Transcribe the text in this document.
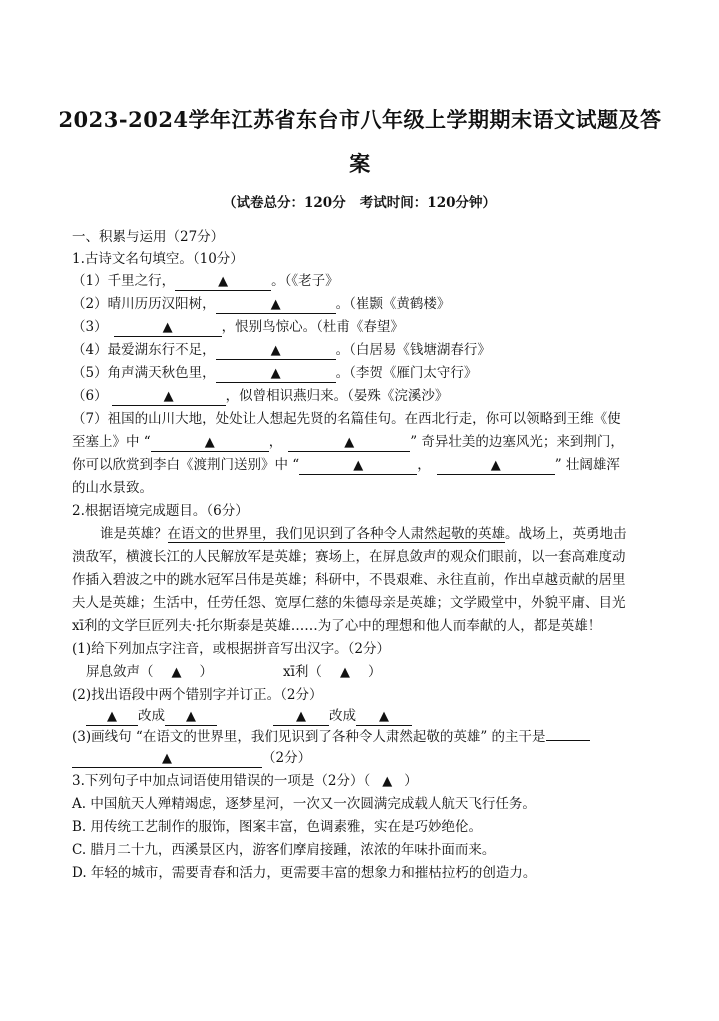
2023-2024学年江苏省东台市八年级上学期期末语文试题及答
案
（试卷总分：120分   考试时间：120分钟）
一、积累与运用（27分）
1.古诗文名句填空。（10分）
（1）千里之行，	▲	。（《老子》
（2）晴川历历汉阳树，	▲	。（崔颢《黄鹤楼》
（3）	▲	，恨别鸟惊心。（杜甫《春望》
（4）最爱湖东行不足，	▲	。（白居易《钱塘湖春行》
（5）角声满天秋色里，	▲	。（李贺《雁门太守行》
（6）	▲	，似曾相识燕归来。（晏殊《浣溪沙》
（7）祖国的山川大地，处处让人想起先贤的名篇佳句。在西北行走，你可以领略到王维《使
至塞上》中 “	▲	，	▲	” 奇异壮美的边塞风光；来到荆门，
你可以欣赏到李白《渡荆门送别》中 “	▲	，	▲	” 壮阔雄浑
的山水景致。
2.根据语境完成题目。（6分）
谁是英雄？在语文的世界里，我们见识到了各种令人肃然起敬的英雄。战场上，英勇地击
溃敌军，横渡长江的人民解放军是英雄；赛场上，在屏息敛声的观众们眼前，以一套高难度动
作插入碧波之中的跳水冠军吕伟是英雄；科研中，不畏艰难、永往直前，作出卓越贡献的居里
夫人是英雄；生活中，任劳任怨、宽厚仁慈的朱德母亲是英雄；文学殿堂中，外貌平庸、目光
xī利的文学巨匠列夫·托尔斯泰是英雄……为了心中的理想和他人而奉献的人，都是英雄！
(1)给下列加点字注音，或根据拼音写出汉字。（2分）
屏息敛声（ ▲ ）	xī利（ ▲ ）
(2)找出语段中两个错别字并订正。（2分）
▲ 改成 ▲	▲ 改成 ▲
(3)画线句 “在语文的世界里，我们见识到了各种令人肃然起敬的英雄” 的主干是
▲	（2分）
3.下列句子中加点词语使用错误的一项是（2分）（ ▲ ）
A. 中国航天人殚精竭虑，逐梦星河，一次又一次圆满完成载人航天飞行任务。
B. 用传统工艺制作的服饰，图案丰富，色调素雅，实在是巧妙绝伦。
C. 腊月二十九，西溪景区内，游客们摩肩接踵，浓浓的年味扑面而来。
D. 年轻的城市，需要青春和活力，更需要丰富的想象力和摧枯拉朽的创造力。
